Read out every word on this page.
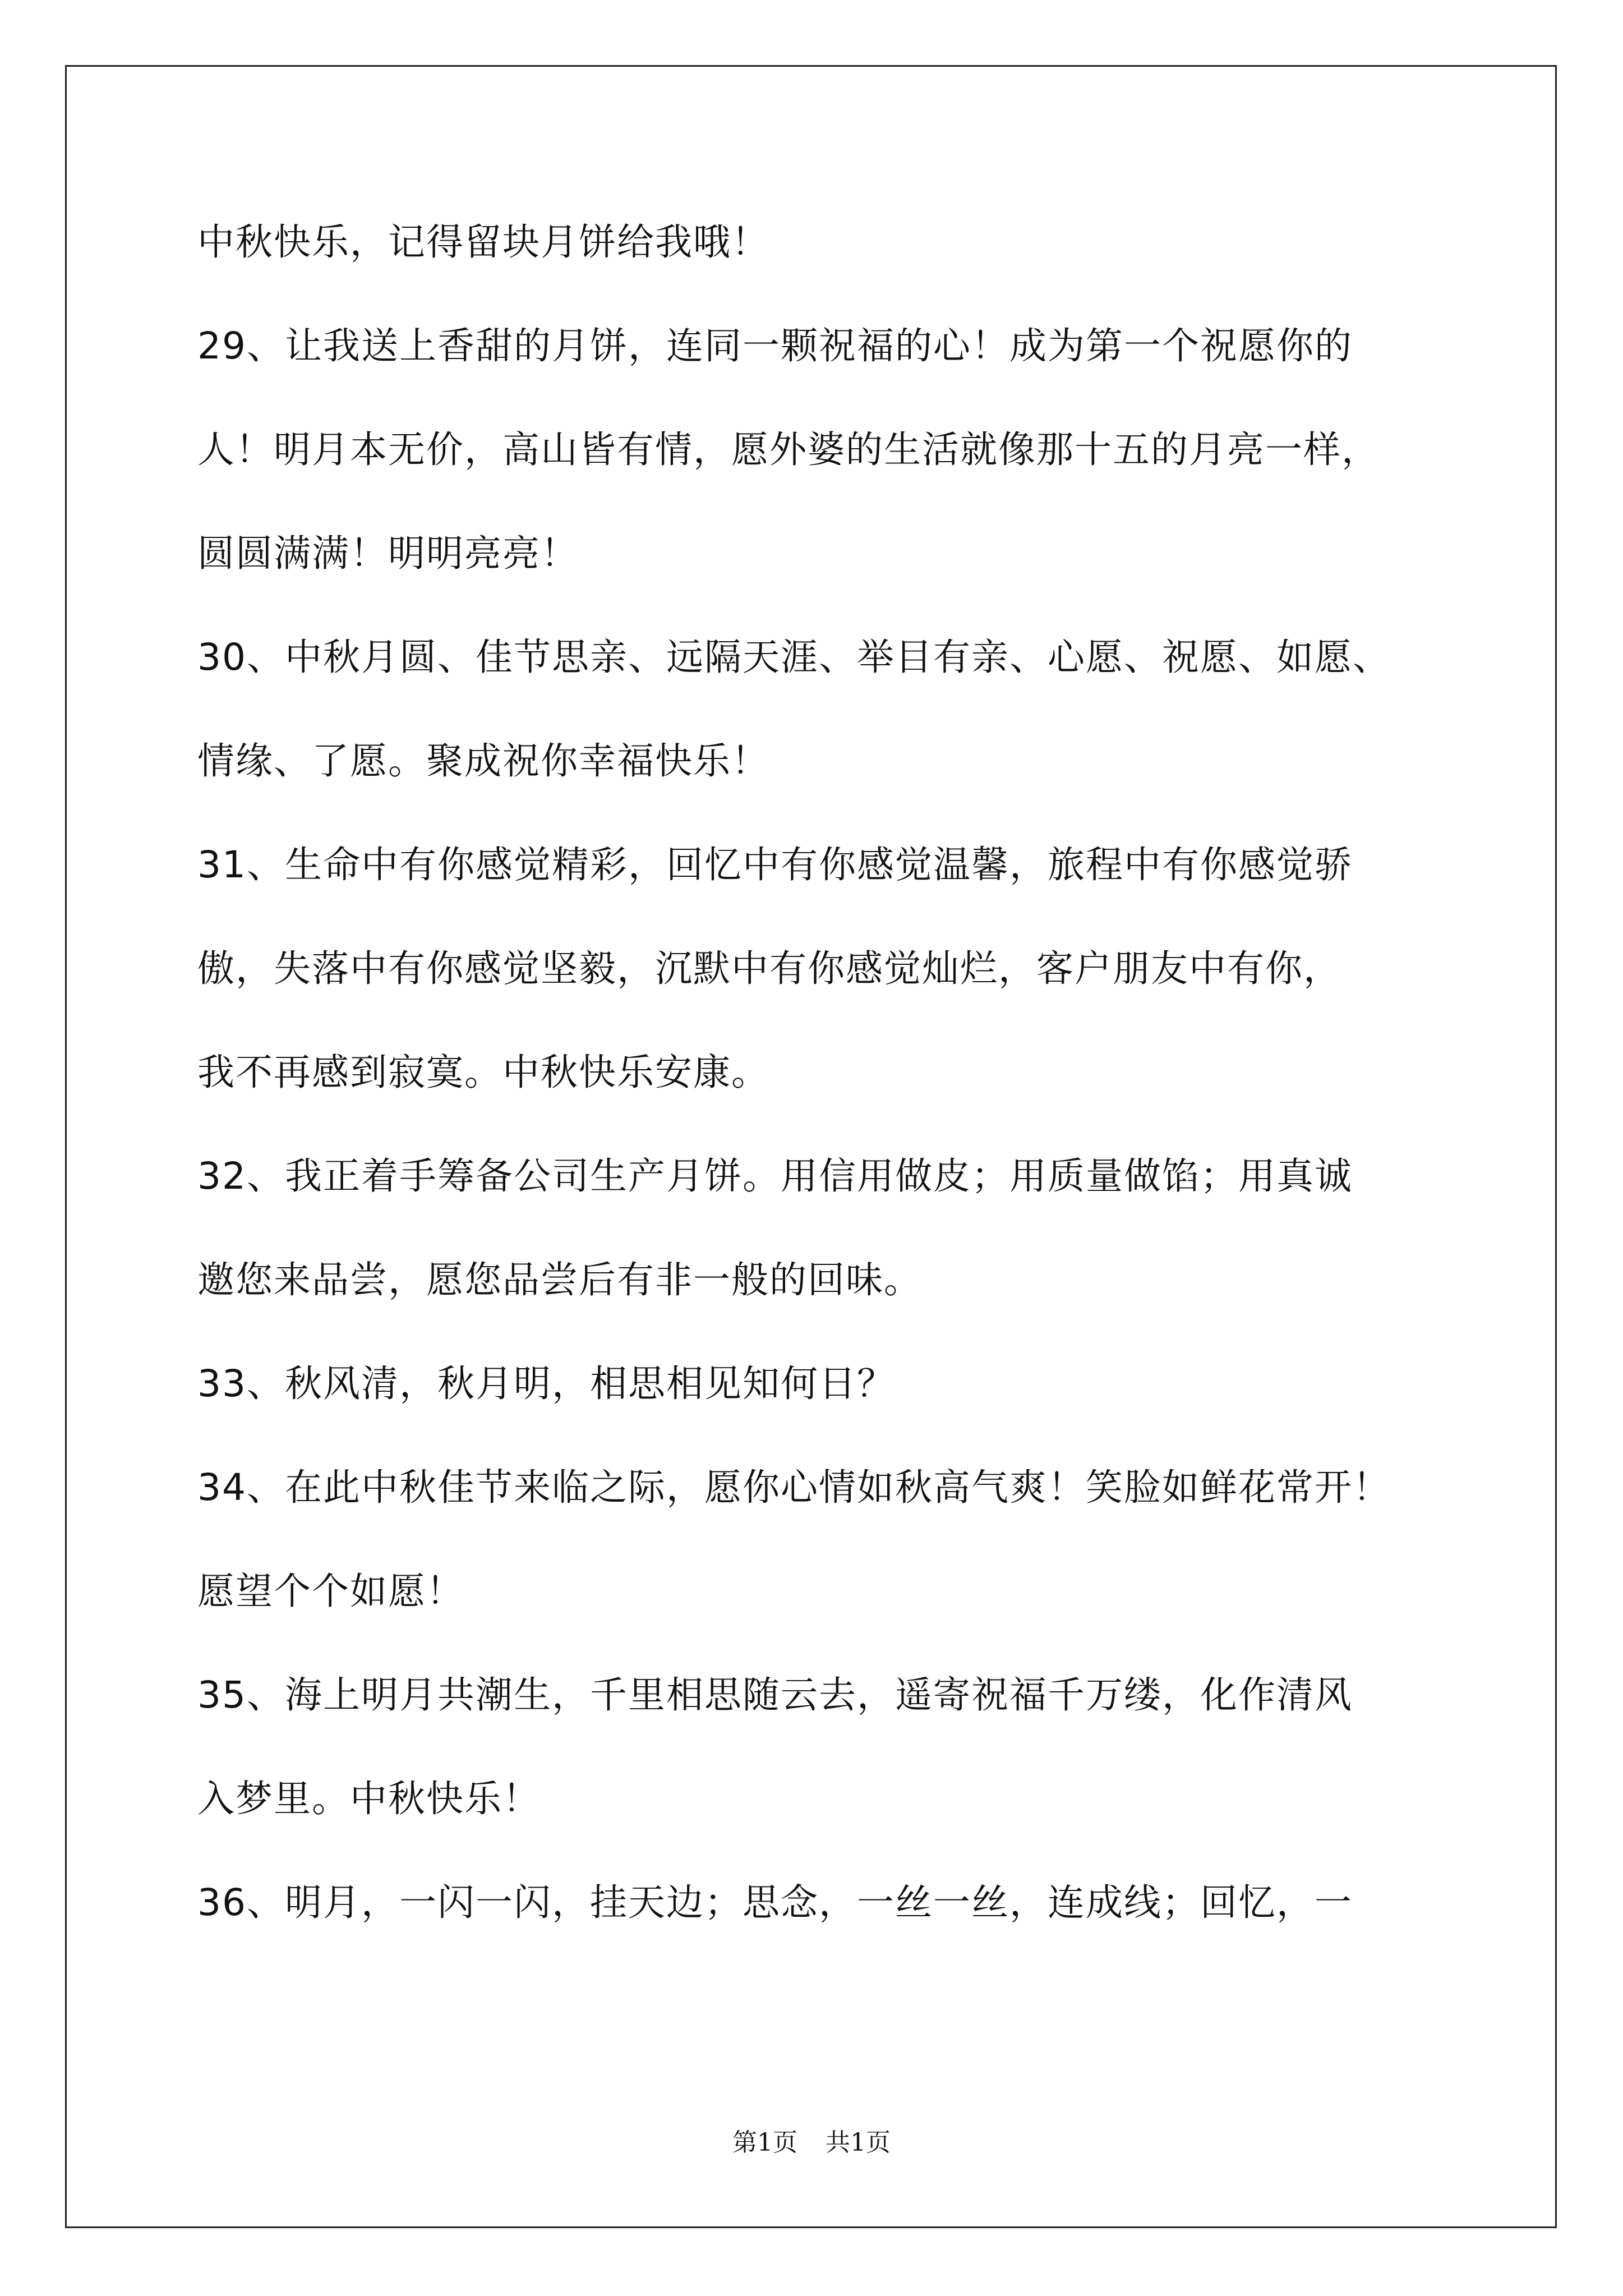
中秋快乐，记得留块月饼给我哦！
29、让我送上香甜的月饼，连同一颗祝福的心！成为第一个祝愿你的
人！明月本无价，高山皆有情，愿外婆的生活就像那十五的月亮一样，
圆圆满满！明明亮亮！
30、中秋月圆、佳节思亲、远隔天涯、举目有亲、心愿、祝愿、如愿、
情缘、了愿。聚成祝你幸福快乐！
31、生命中有你感觉精彩，回忆中有你感觉温馨，旅程中有你感觉骄
傲，失落中有你感觉坚毅，沉默中有你感觉灿烂，客户朋友中有你，
我不再感到寂寞。中秋快乐安康。
32、我正着手筹备公司生产月饼。用信用做皮；用质量做馅；用真诚
邀您来品尝，愿您品尝后有非一般的回味。
33、秋风清，秋月明，相思相见知何日？
34、在此中秋佳节来临之际，愿你心情如秋高气爽！笑脸如鲜花常开！
愿望个个如愿！
35、海上明月共潮生，千里相思随云去，遥寄祝福千万缕，化作清风
入梦里。中秋快乐！
36、明月，一闪一闪，挂天边；思念，一丝一丝，连成线；回忆，一
第1页 共1页
